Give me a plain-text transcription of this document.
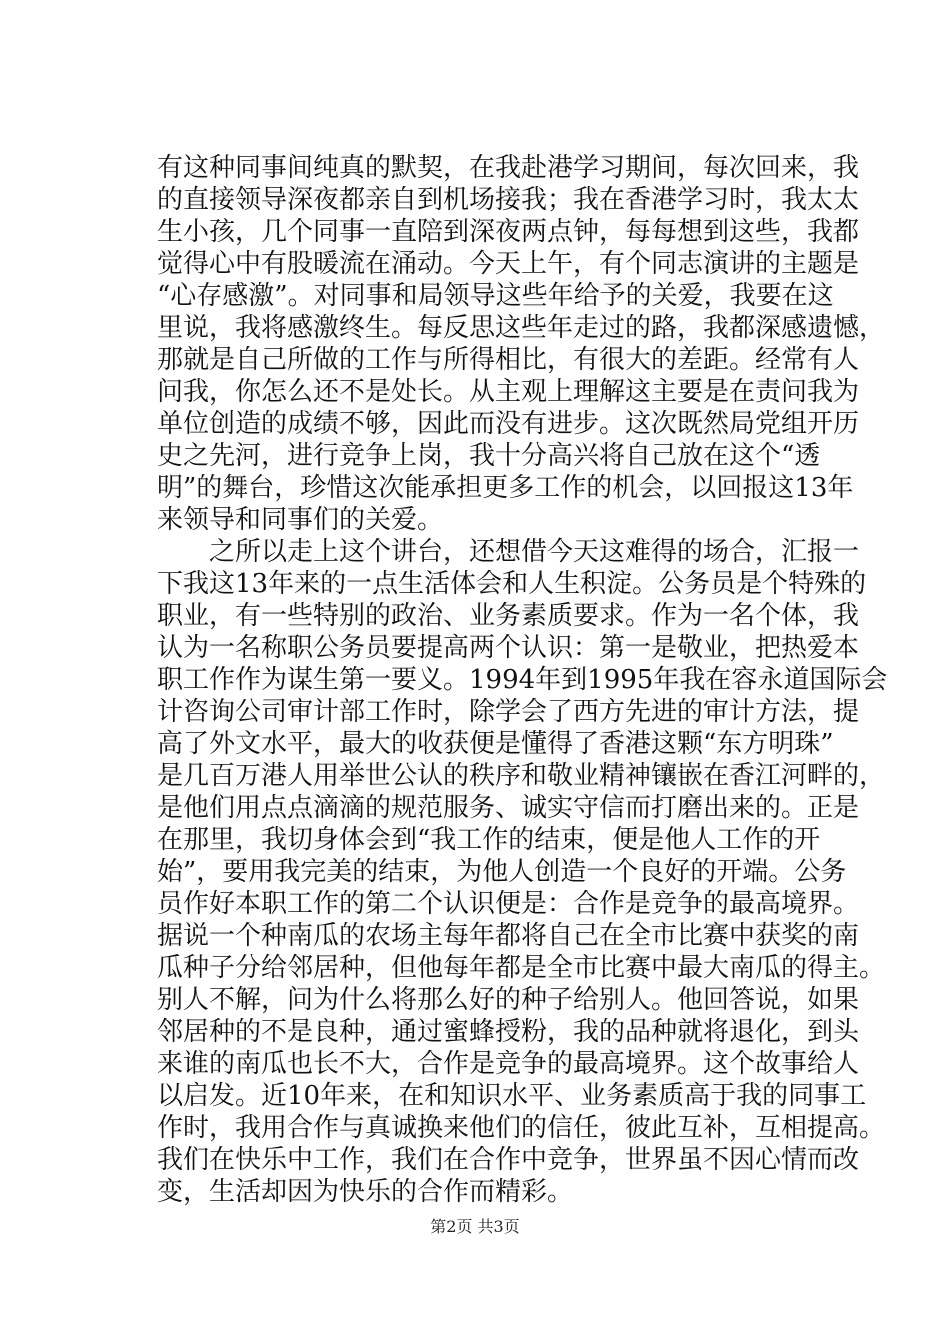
有这种同事间纯真的默契，在我赴港学习期间，每次回来，我
的直接领导深夜都亲自到机场接我；我在香港学习时，我太太
生小孩，几个同事一直陪到深夜两点钟，每每想到这些，我都
觉得心中有股暖流在涌动。今天上午，有个同志演讲的主题是
“心存感激”。对同事和局领导这些年给予的关爱，我要在这
里说，我将感激终生。每反思这些年走过的路，我都深感遗憾，
那就是自己所做的工作与所得相比，有很大的差距。经常有人
问我，你怎么还不是处长。从主观上理解这主要是在责问我为
单位创造的成绩不够，因此而没有进步。这次既然局党组开历
史之先河，进行竞争上岗，我十分高兴将自己放在这个“透
明”的舞台，珍惜这次能承担更多工作的机会，以回报这13年
来领导和同事们的关爱。
　　之所以走上这个讲台，还想借今天这难得的场合，汇报一
下我这13年来的一点生活体会和人生积淀。公务员是个特殊的
职业，有一些特别的政治、业务素质要求。作为一名个体，我
认为一名称职公务员要提高两个认识：第一是敬业，把热爱本
职工作作为谋生第一要义。1994年到1995年我在容永道国际会
计咨询公司审计部工作时，除学会了西方先进的审计方法，提
高了外文水平，最大的收获便是懂得了香港这颗“东方明珠”
是几百万港人用举世公认的秩序和敬业精神镶嵌在香江河畔的，
是他们用点点滴滴的规范服务、诚实守信而打磨出来的。正是
在那里，我切身体会到“我工作的结束，便是他人工作的开
始”，要用我完美的结束，为他人创造一个良好的开端。公务
员作好本职工作的第二个认识便是：合作是竞争的最高境界。
据说一个种南瓜的农场主每年都将自己在全市比赛中获奖的南
瓜种子分给邻居种，但他每年都是全市比赛中最大南瓜的得主。
别人不解，问为什么将那么好的种子给别人。他回答说，如果
邻居种的不是良种，通过蜜蜂授粉，我的品种就将退化，到头
来谁的南瓜也长不大，合作是竞争的最高境界。这个故事给人
以启发。近10年来，在和知识水平、业务素质高于我的同事工
作时，我用合作与真诚换来他们的信任，彼此互补，互相提高。
我们在快乐中工作，我们在合作中竞争，世界虽不因心情而改
变，生活却因为快乐的合作而精彩。
第2页 共3页
